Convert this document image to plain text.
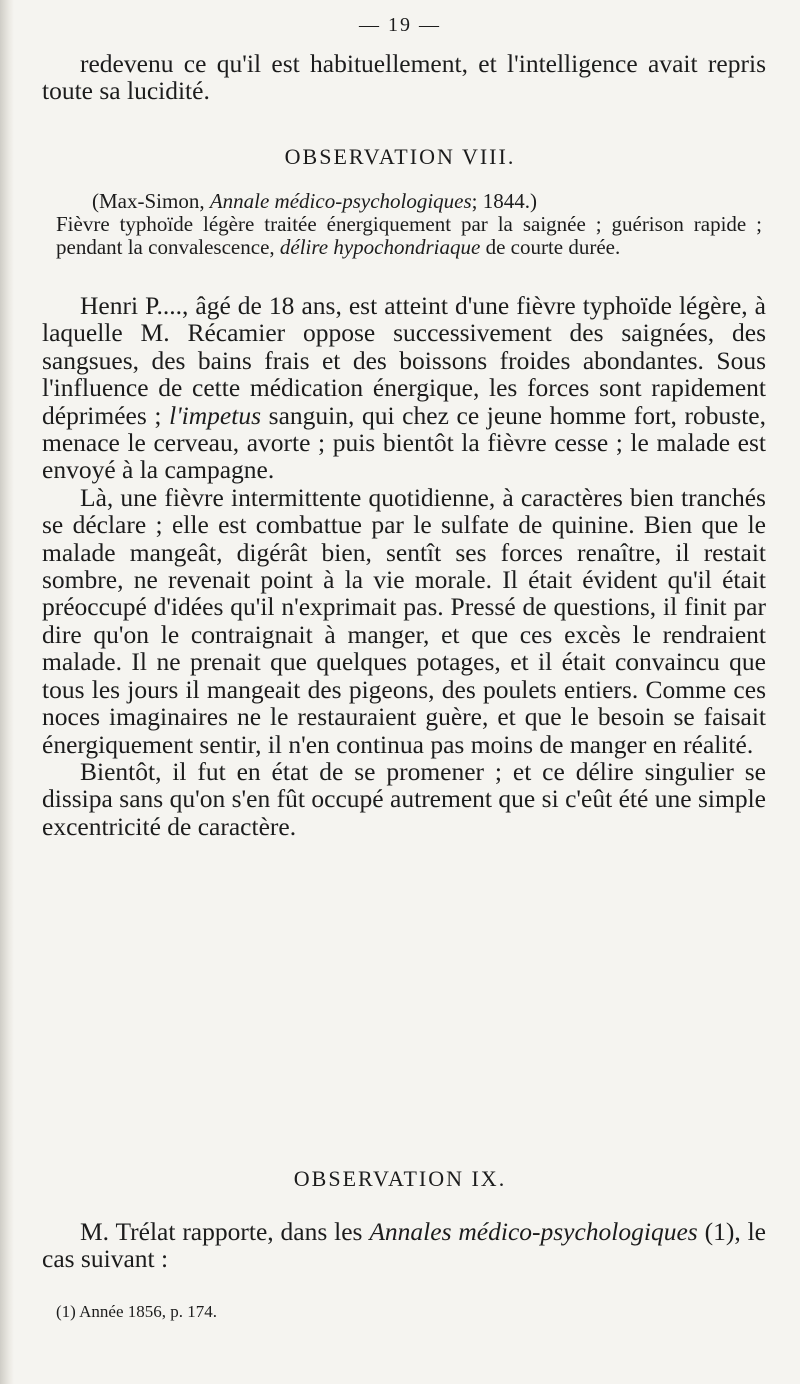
— 19 —

redevenu ce qu'il est habituellement, et l'intelligence avait repris toute sa lucidité.

OBSERVATION VIII.

(Max-Simon, Annale médico-psychologiques; 1844.)

Fièvre typhoïde légère traitée énergiquement par la saignée ; guérison rapide ; pendant la convalescence, délire hypochondriaque de courte durée.

Henri P...., âgé de 18 ans, est atteint d'une fièvre typhoïde légère, à laquelle M. Récamier oppose successivement des saignées, des sangsues, des bains frais et des boissons froides abondantes. Sous l'influence de cette médication énergique, les forces sont rapidement déprimées ; l'impetus sanguin, qui chez ce jeune homme fort, robuste, menace le cerveau, avorte ; puis bientôt la fièvre cesse ; le malade est envoyé à la campagne.

Là, une fièvre intermittente quotidienne, à caractères bien tranchés se déclare ; elle est combattue par le sulfate de quinine. Bien que le malade mangeât, digérât bien, sentît ses forces renaître, il restait sombre, ne revenait point à la vie morale. Il était évident qu'il était préoccupé d'idées qu'il n'exprimait pas. Pressé de questions, il finit par dire qu'on le contraignait à manger, et que ces excès le rendraient malade. Il ne prenait que quelques potages, et il était convaincu que tous les jours il mangeait des pigeons, des poulets entiers. Comme ces noces imaginaires ne le restauraient guère, et que le besoin se faisait énergiquement sentir, il n'en continua pas moins de manger en réalité.

Bientôt, il fut en état de se promener ; et ce délire singulier se dissipa sans qu'on s'en fût occupé autrement que si c'eût été une simple excentricité de caractère.

OBSERVATION IX.

M. Trélat rapporte, dans les Annales médico-psychologiques (1), le cas suivant :

(1) Année 1856, p. 174.
